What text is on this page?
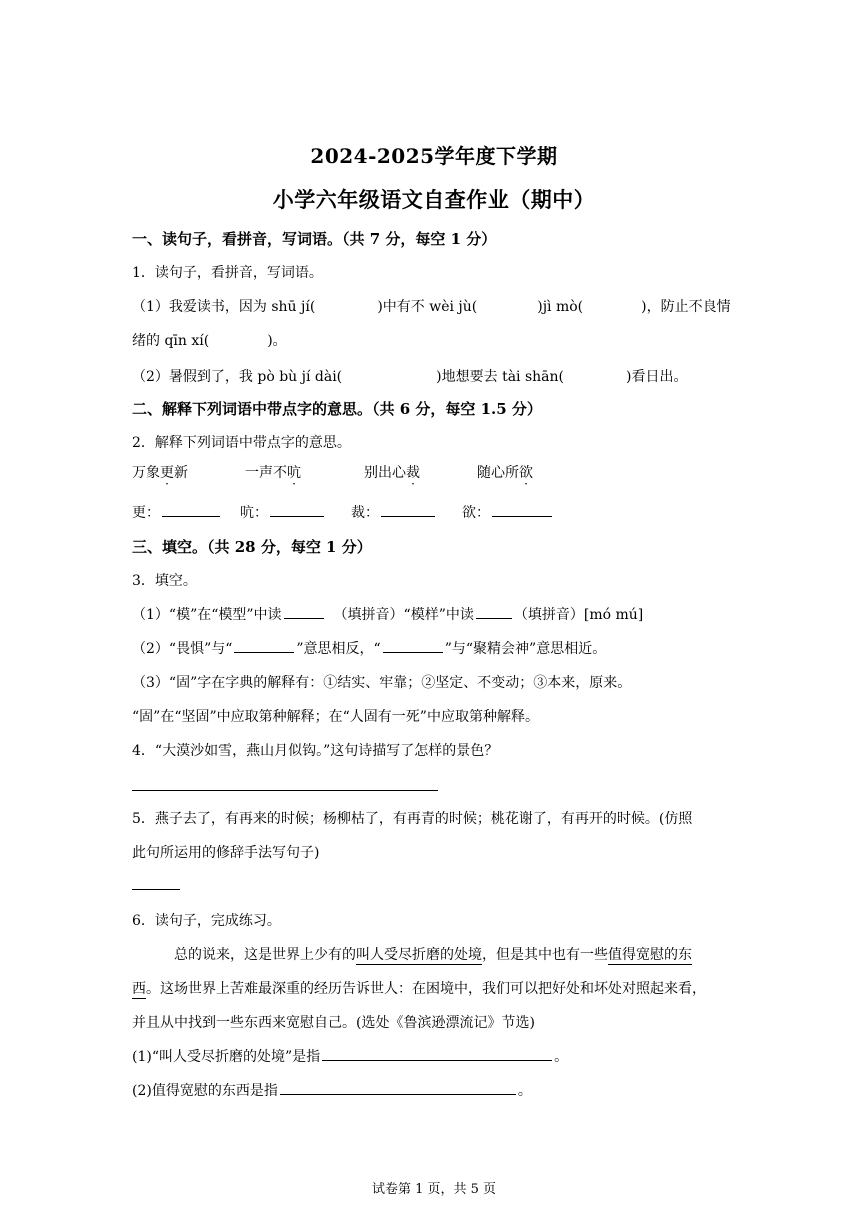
2024-2025学年度下学期
小学六年级语文自查作业（期中）
一、读句子，看拼音，写词语。（共 7 分，每空 1 分）
1．读句子，看拼音，写词语。
（1）我爱读书，因为 shū jí(	)中有不 wèi jù(	)jì mò(	)，防止不良情
绪的 qīn xí(	)。
（2）暑假到了，我 pò bù jí dài(	)地想要去 tài shān(	)看日出。
二、解释下列词语中带点字的意思。（共 6 分，每空 1.5 分）
2．解释下列词语中带点字的意思。
万象更新	一声不吭	别出心裁	随心所欲
更：	吭：	裁：	欲：
三、填空。（共 28 分，每空 1 分）
3．填空。
（1）“模”在“模型”中读	（填拼音）“模样”中读	（填拼音）[mó mú]
（2）“畏惧”与“	”意思相反，“	”与“聚精会神”意思相近。
（3）“固”字在字典的解释有：①结实、牢靠；②坚定、不变动；③本来，原来。
“固”在“坚固”中应取第种解释；在“人固有一死”中应取第种解释。
4．“大漠沙如雪，燕山月似钩。”这句诗描写了怎样的景色？
5．燕子去了，有再来的时候；杨柳枯了，有再青的时候；桃花谢了，有再开的时候。(仿照
此句所运用的修辞手法写句子)
6．读句子，完成练习。
总的说来，这是世界上少有的叫人受尽折磨的处境，但是其中也有一些值得宽慰的东
西。这场世界上苦难最深重的经历告诉世人：在困境中，我们可以把好处和坏处对照起来看，
并且从中找到一些东西来宽慰自己。(选处《鲁滨逊漂流记》节选)
(1)“叫人受尽折磨的处境”是指	。
(2)值得宽慰的东西是指	。
试卷第 1 页，共 5 页
